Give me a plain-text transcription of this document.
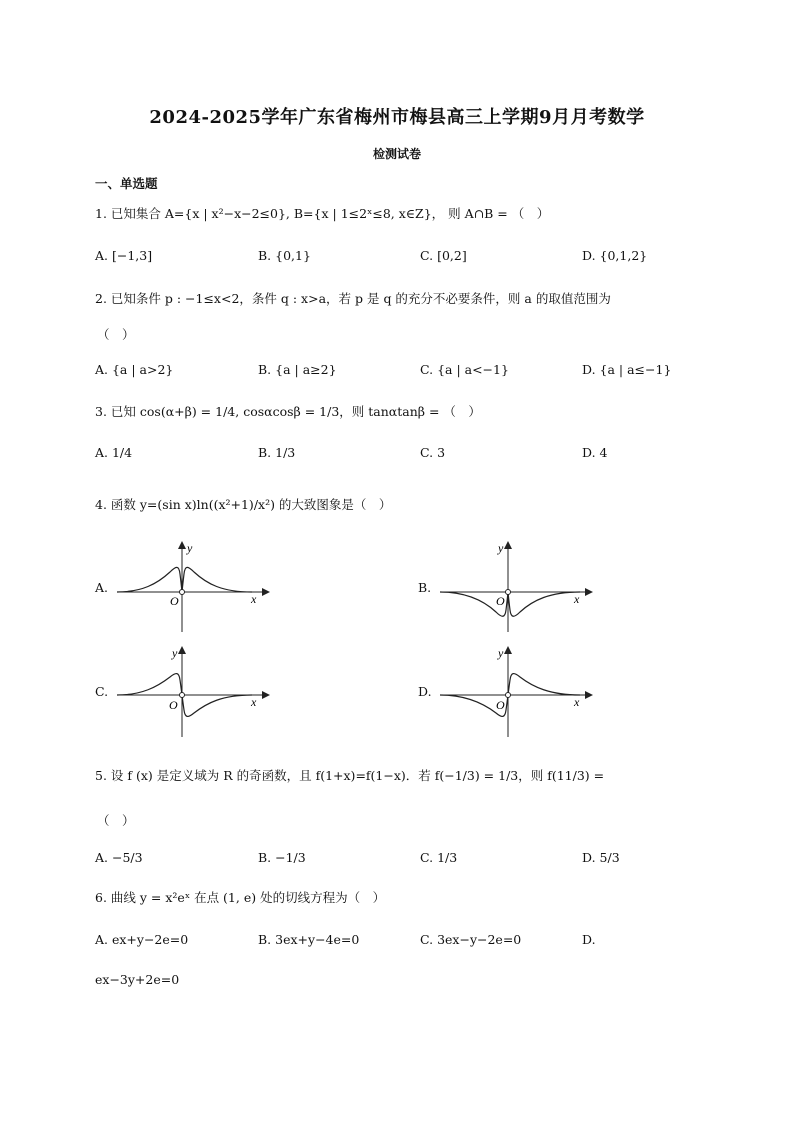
2024-2025学年广东省梅州市梅县高三上学期9月月考数学
检测试卷
一、单选题
1. 已知集合 A={x | x²−x−2≤0}, B={x | 1≤2ˣ≤8, x∈Z}， 则 A∩B = （　）
A. [−1,3]	B. {0,1}	C. [0,2]	D. {0,1,2}
2. 已知条件 p : −1≤x<2，条件 q : x>a，若 p 是 q 的充分不必要条件，则 a 的取值范围为
（　）
A. {a | a>2}	B. {a | a≥2}	C. {a | a<−1}	D. {a | a≤−1}
3. 已知 cos(α+β) = 1/4, cosαcosβ = 1/3，则 tanαtanβ = （　）
A. 1/4	B. 1/3	C. 3	D. 4
4. 函数 y=(sin x)ln((x²+1)/x²) 的大致图象是（　）
A.	B.
C.	D.
y
O	x
y
O	x
y
O	x
y
O	x
5. 设 f (x) 是定义域为 R 的奇函数，且 f(1+x)=f(1−x)．若 f(−1/3) = 1/3，则 f(11/3) =
（　）
A. −5/3	B. −1/3	C. 1/3	D. 5/3
6. 曲线 y = x²eˣ 在点 (1, e) 处的切线方程为（　）
A. ex+y−2e=0	B. 3ex+y−4e=0	C. 3ex−y−2e=0	D.
ex−3y+2e=0
